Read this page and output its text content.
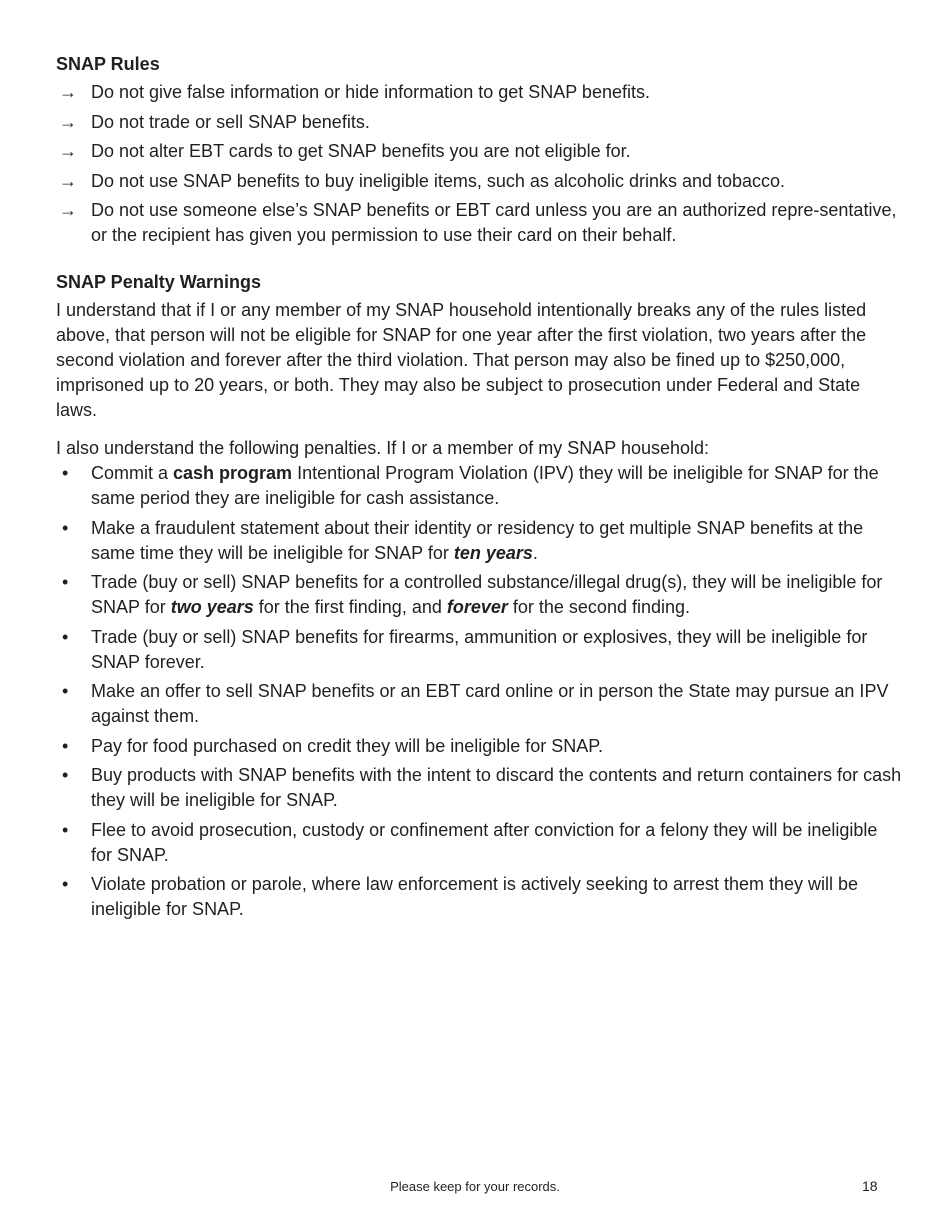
SNAP Rules
→ Do not give false information or hide information to get SNAP benefits.
→ Do not trade or sell SNAP benefits.
→ Do not alter EBT cards to get SNAP benefits you are not eligible for.
→ Do not use SNAP benefits to buy ineligible items, such as alcoholic drinks and tobacco.
→ Do not use someone else’s SNAP benefits or EBT card unless you are an authorized repre-sentative, or the recipient has given you permission to use their card on their behalf.
SNAP Penalty Warnings

I understand that if I or any member of my SNAP household intentionally breaks any of the rules listed above, that person will not be eligible for SNAP for one year after the first violation, two years after the second violation and forever after the third violation. That person may also be fined up to $250,000, imprisoned up to 20 years, or both. They may also be subject to prosecution under Federal and State laws.

I also understand the following penalties. If I or a member of my SNAP household:

• Commit a cash program Intentional Program Violation (IPV) they will be ineligible for SNAP for the same period they are ineligible for cash assistance.
• Make a fraudulent statement about their identity or residency to get multiple SNAP benefits at the same time they will be ineligible for SNAP for ten years.
• Trade (buy or sell) SNAP benefits for a controlled substance/illegal drug(s), they will be ineligible for SNAP for two years for the first finding, and forever for the second finding.
• Trade (buy or sell) SNAP benefits for firearms, ammunition or explosives, they will be ineligible for SNAP forever.
• Make an offer to sell SNAP benefits or an EBT card online or in person the State may pursue an IPV against them.
• Pay for food purchased on credit they will be ineligible for SNAP.
• Buy products with SNAP benefits with the intent to discard the contents and return containers for cash they will be ineligible for SNAP.
• Flee to avoid prosecution, custody or confinement after conviction for a felony they will be ineligible for SNAP.
• Violate probation or parole, where law enforcement is actively seeking to arrest them they will be ineligible for SNAP.
Please keep for your records.	18
